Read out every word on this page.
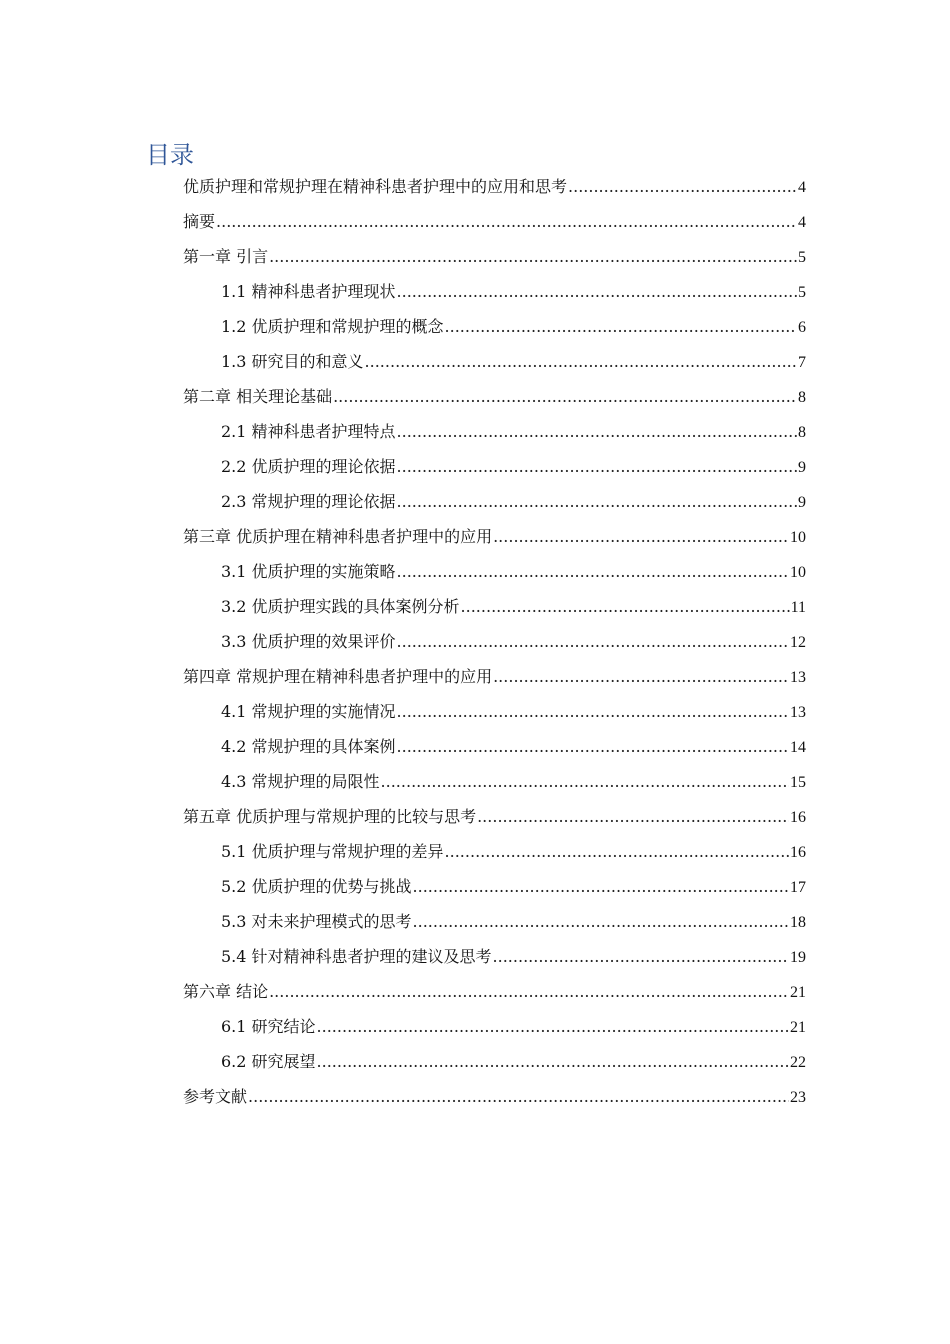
目录
优质护理和常规护理在精神科患者护理中的应用和思考 .....	4
摘要 .....	4
第一章 引言 .....	5
1.1 精神科患者护理现状 .....	5
1.2 优质护理和常规护理的概念 .....	6
1.3 研究目的和意义 .....	7
第二章 相关理论基础 .....	8
2.1 精神科患者护理特点 .....	8
2.2 优质护理的理论依据 .....	9
2.3 常规护理的理论依据 .....	9
第三章 优质护理在精神科患者护理中的应用 .....	10
3.1 优质护理的实施策略 .....	10
3.2 优质护理实践的具体案例分析 .....	11
3.3 优质护理的效果评价 .....	12
第四章 常规护理在精神科患者护理中的应用 .....	13
4.1 常规护理的实施情况 .....	13
4.2 常规护理的具体案例 .....	14
4.3 常规护理的局限性 .....	15
第五章 优质护理与常规护理的比较与思考 .....	16
5.1 优质护理与常规护理的差异 .....	16
5.2 优质护理的优势与挑战 .....	17
5.3 对未来护理模式的思考 .....	18
5.4 针对精神科患者护理的建议及思考 .....	19
第六章 结论 .....	21
6.1 研究结论 .....	21
6.2 研究展望 .....	22
参考文献 .....	23
